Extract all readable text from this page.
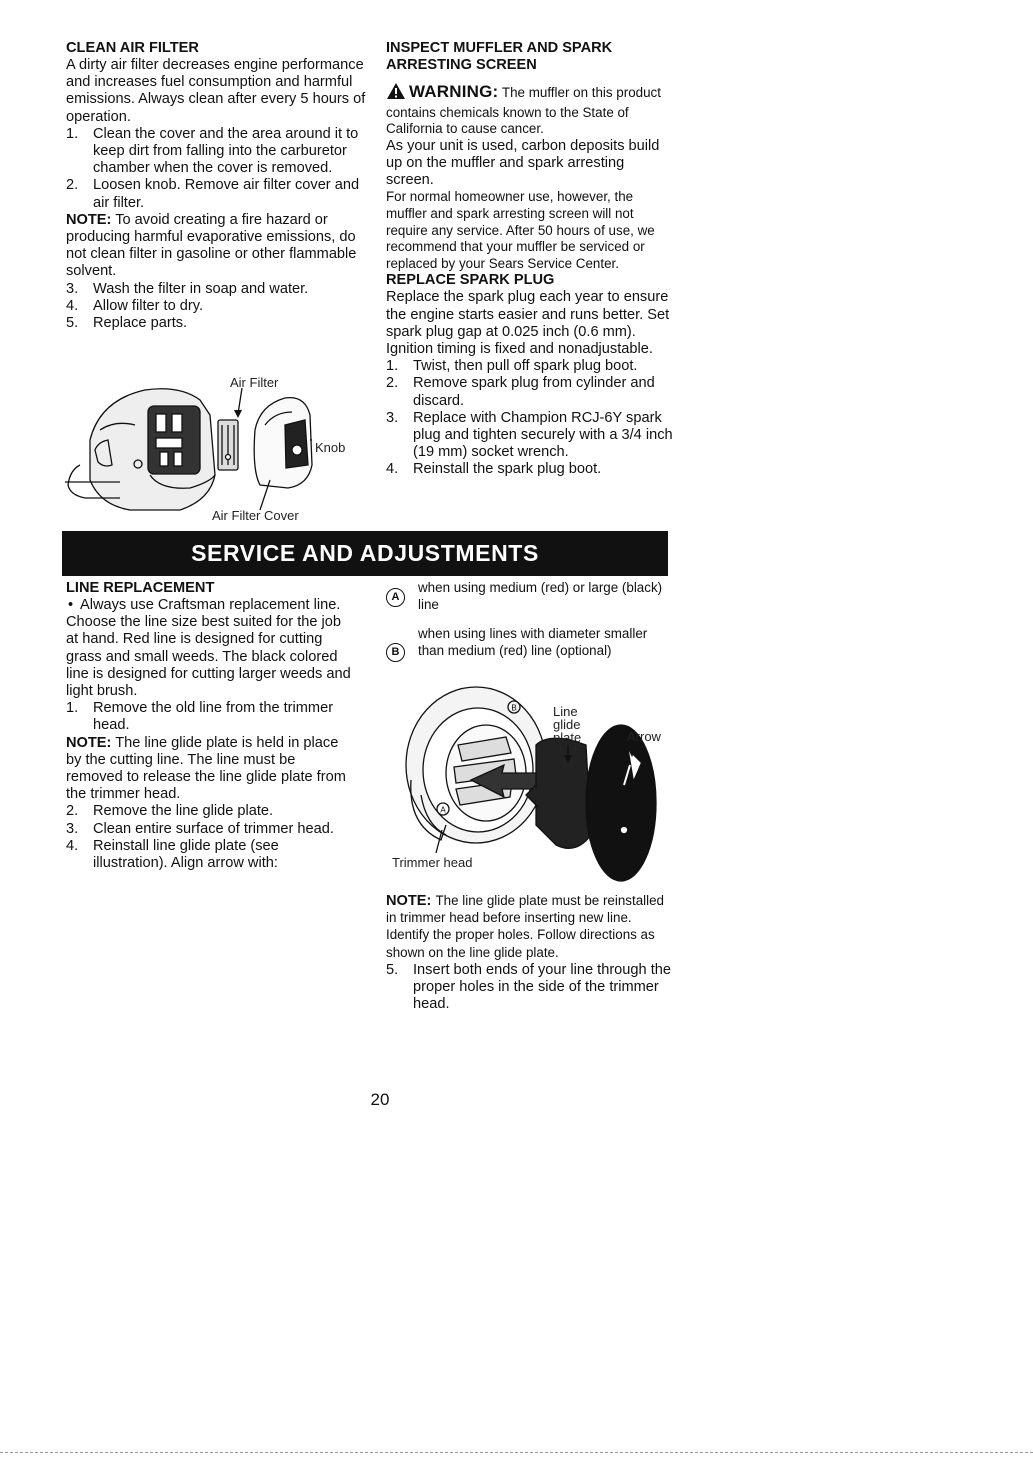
CLEAN AIR FILTER

A dirty air filter decreases engine performance and increases fuel consumption and harmful emissions. Always clean after every 5 hours of operation.

1. Clean the cover and the area around it to keep dirt from falling into the carburetor chamber when the cover is removed.
2. Loosen knob. Remove air filter cover and air filter.

NOTE: To avoid creating a fire hazard or producing harmful evaporative emissions, do not clean filter in gasoline or other flammable solvent.

3. Wash the filter in soap and water.
4. Allow filter to dry.
5. Replace parts.
Air Filter
Knob
Air Filter Cover
INSPECT MUFFLER AND SPARK ARRESTING SCREEN

WARNING: The muffler on this product contains chemicals known to the State of California to cause cancer.

As your unit is used, carbon deposits build up on the muffler and spark arresting screen.

For normal homeowner use, however, the muffler and spark arresting screen will not require any service. After 50 hours of use, we recommend that your muffler be serviced or replaced by your Sears Service Center.

REPLACE SPARK PLUG

Replace the spark plug each year to ensure the engine starts easier and runs better. Set spark plug gap at 0.025 inch (0.6 mm). Ignition timing is fixed and nonadjustable.

1. Twist, then pull off spark plug boot.
2. Remove spark plug from cylinder and discard.
3. Replace with Champion RCJ-6Y spark plug and tighten securely with a 3/4 inch (19 mm) socket wrench.
4. Reinstall the spark plug boot.
SERVICE AND ADJUSTMENTS
LINE REPLACEMENT

• Always use Craftsman replacement line.

Choose the line size best suited for the job at hand. Red line is designed for cutting grass and small weeds. The black colored line is designed for cutting larger weeds and light brush.

1. Remove the old line from the trimmer head.

NOTE: The line glide plate is held in place by the cutting line. The line must be removed to release the line glide plate from the trimmer head.

2. Remove the line glide plate.
3. Clean entire surface of trimmer head.
4. Reinstall line glide plate (see illustration). Align arrow with:
A
when using medium (red) or large (black) line
B
when using lines with diameter smaller than medium (red) line (optional)
B
A
Line glide plate	Arrow
Trimmer head

NOTE: The line glide plate must be reinstalled in trimmer head before inserting new line. Identify the proper holes. Follow directions as shown on the line glide plate.

5. Insert both ends of your line through the proper holes in the side of the trimmer head.
20
